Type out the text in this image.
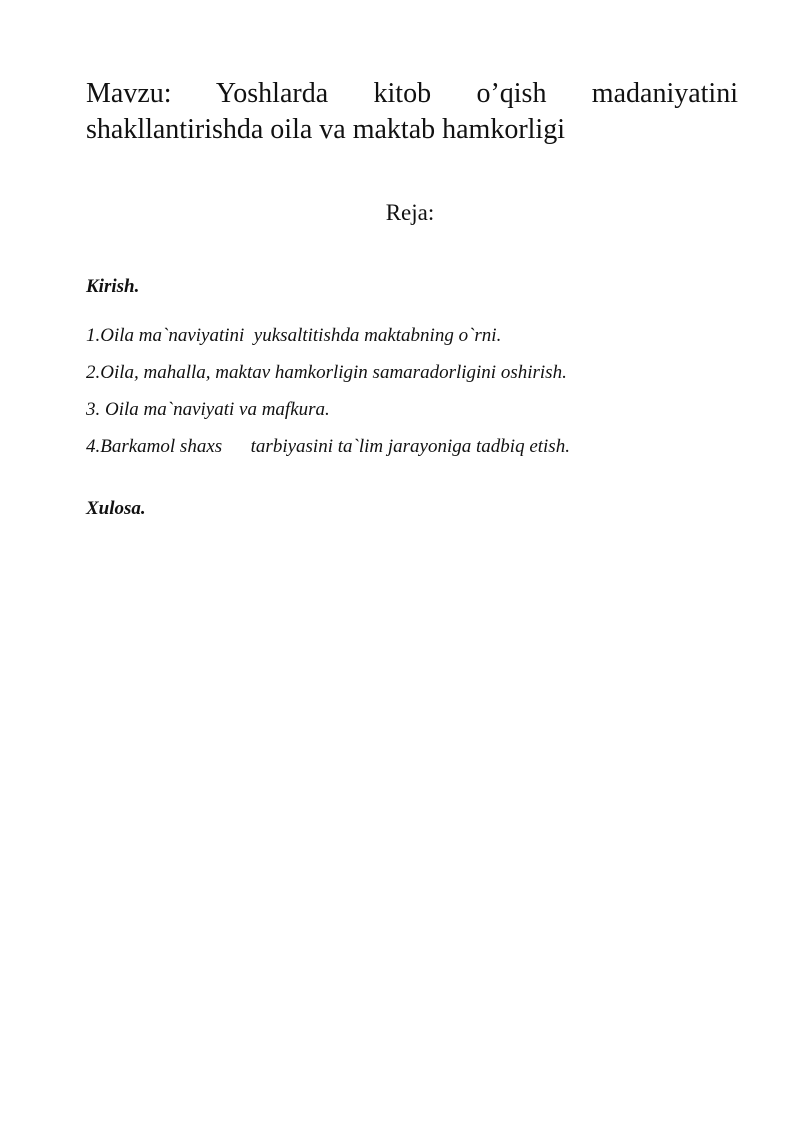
Mavzu: Yoshlarda kitob o’qish madaniyatini
shakllantirishda oila va maktab hamkorligi
Reja:

Kirish.

1.Oila ma`naviyatini  yuksaltitishda maktabning o`rni.

2.Oila, mahalla, maktav hamkorligin samaradorligini oshirish.

3. Oila ma`naviyati va mafkura.

4.Barkamol shaxs      tarbiyasini ta`lim jarayoniga tadbiq etish.

Xulosa.
